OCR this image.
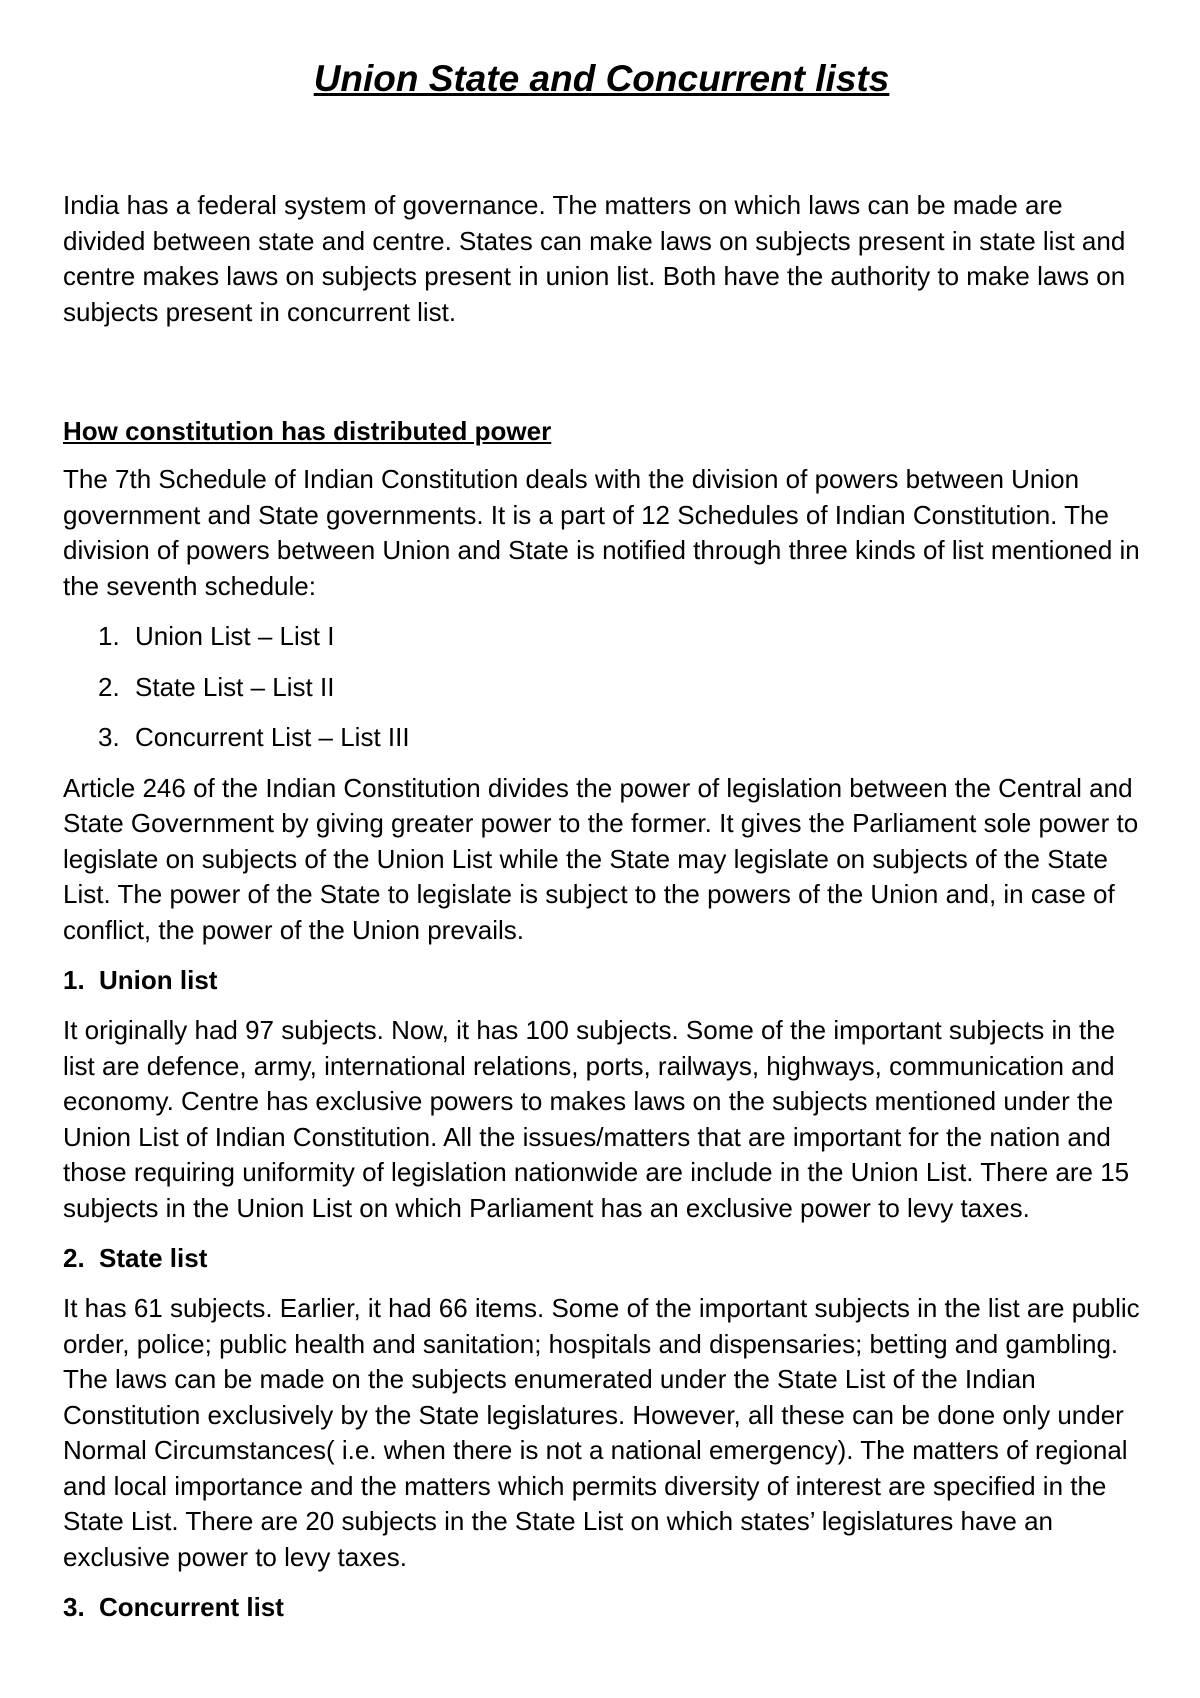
Union State and Concurrent lists

India has a federal system of governance. The matters on which laws can be made are divided between state and centre. States can make laws on subjects present in state list and centre makes laws on subjects present in union list. Both have the authority to make laws on subjects present in concurrent list.

How constitution has distributed power

The 7th Schedule of Indian Constitution deals with the division of powers between Union government and State governments. It is a part of 12 Schedules of Indian Constitution. The division of powers between Union and State is notified through three kinds of list mentioned in the seventh schedule:

1. Union List – List I
2. State List – List II
3. Concurrent List – List III

Article 246 of the Indian Constitution divides the power of legislation between the Central and State Government by giving greater power to the former. It gives the Parliament sole power to legislate on subjects of the Union List while the State may legislate on subjects of the State List. The power of the State to legislate is subject to the powers of the Union and, in case of conflict, the power of the Union prevails.

1. Union list

It originally had 97 subjects. Now, it has 100 subjects. Some of the important subjects in the list are defence, army, international relations, ports, railways, highways, communication and economy. Centre has exclusive powers to makes laws on the subjects mentioned under the Union List of Indian Constitution. All the issues/matters that are important for the nation and those requiring uniformity of legislation nationwide are include in the Union List. There are 15 subjects in the Union List on which Parliament has an exclusive power to levy taxes.

2. State list

It has 61 subjects. Earlier, it had 66 items. Some of the important subjects in the list are public order, police; public health and sanitation; hospitals and dispensaries; betting and gambling. The laws can be made on the subjects enumerated under the State List of the Indian Constitution exclusively by the State legislatures. However, all these can be done only under Normal Circumstances( i.e. when there is not a national emergency). The matters of regional and local importance and the matters which permits diversity of interest are specified in the State List. There are 20 subjects in the State List on which states’ legislatures have an exclusive power to levy taxes.

3. Concurrent list
